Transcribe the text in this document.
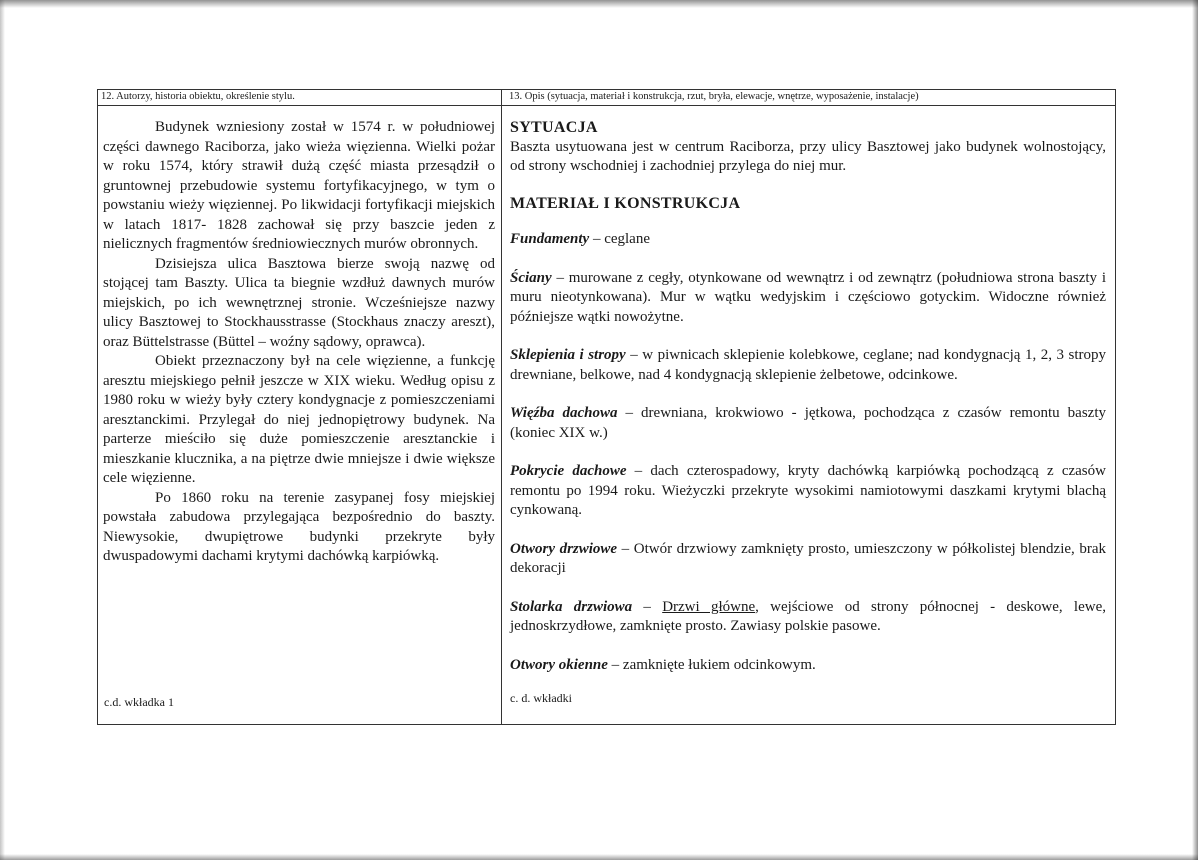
12. Autorzy, historia obiektu, określenie stylu.

Budynek wzniesiony został w 1574 r. w południowej części dawnego Raciborza, jako wieża więzienna. Wielki pożar w roku 1574, który strawił dużą część miasta przesądził o gruntownej przebudowie systemu fortyfikacyjnego, w tym o powstaniu wieży więziennej. Po likwidacji fortyfikacji miejskich w latach 1817- 1828 zachował się przy baszcie jeden z nielicznych fragmentów średniowiecznych murów obronnych.

Dzisiejsza ulica Basztowa bierze swoją nazwę od stojącej tam Baszty. Ulica ta biegnie wzdłuż dawnych murów miejskich, po ich wewnętrznej stronie. Wcześniejsze nazwy ulicy Basztowej to Stockhausstrasse (Stockhaus znaczy areszt), oraz Büttelstrasse (Büttel – woźny sądowy, oprawca).

Obiekt przeznaczony był na cele więzienne, a funkcję aresztu miejskiego pełnił jeszcze w XIX wieku. Według opisu z 1980 roku w wieży były cztery kondygnacje z pomieszczeniami aresztanckimi. Przylegał do niej jednopiętrowy budynek. Na parterze mieściło się duże pomieszczenie aresztanckie i mieszkanie klucznika, a na piętrze dwie mniejsze i dwie większe cele więzienne.

Po 1860 roku na terenie zasypanej fosy miejskiej powstała zabudowa przylegająca bezpośrednio do baszty. Niewysokie, dwupiętrowe budynki przekryte były dwuspadowymi dachami krytymi dachówką karpiówką.

c.d. wkładka 1
13. Opis (sytuacja, materiał i konstrukcja, rzut, bryła, elewacje, wnętrze, wyposażenie, instalacje)

SYTUACJA

Baszta usytuowana jest w centrum Raciborza, przy ulicy Basztowej jako budynek wolnostojący, od strony wschodniej i zachodniej przylega do niej mur.

MATERIAŁ I KONSTRUKCJA

Fundamenty – ceglane

Ściany – murowane z cegły, otynkowane od wewnątrz i od zewnątrz (południowa strona baszty i muru nieotynkowana). Mur w wątku wedyjskim i częściowo gotyckim. Widoczne również późniejsze wątki nowożytne.

Sklepienia i stropy – w piwnicach sklepienie kolebkowe, ceglane; nad kondygnacją 1, 2, 3 stropy drewniane, belkowe, nad 4 kondygnacją sklepienie żelbetowe, odcinkowe.

Więźba dachowa – drewniana, krokwiowo - jętkowa, pochodząca z czasów remontu baszty (koniec XIX w.)

Pokrycie dachowe – dach czterospadowy, kryty dachówką karpiówką pochodzącą z czasów remontu po 1994 roku. Wieżyczki przekryte wysokimi namiotowymi daszkami krytymi blachą cynkowaną.

Otwory drzwiowe – Otwór drzwiowy zamknięty prosto, umieszczony w półkolistej blendzie, brak dekoracji

Stolarka drzwiowa – Drzwi główne, wejściowe od strony północnej - deskowe, lewe, jednoskrzydłowe, zamknięte prosto. Zawiasy polskie pasowe.

Otwory okienne – zamknięte łukiem odcinkowym.

c. d. wkładki
